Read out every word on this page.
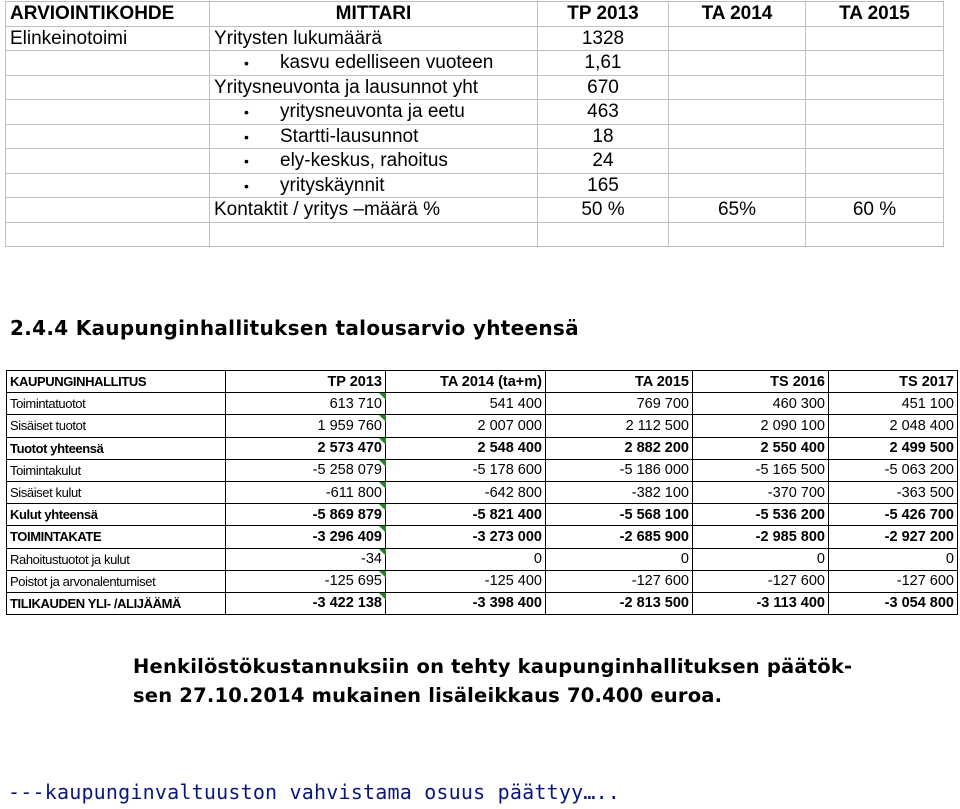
ARVIOINTIKOHDE	MITTARI	TP 2013	TA 2014	TA 2015
Elinkeinotoimi	Yritysten lukumäärä	1328		
	• kasvu edelliseen vuoteen	1,61		
	Yritysneuvonta ja lausunnot yht	670		
	• yritysneuvonta ja eetu	463		
	• Startti-lausunnot	18		
	• ely-keskus, rahoitus	24		
	• yrityskäynnit	165		
	Kontaktit / yritys –määrä %	50 %	65%	60 %

2.4.4 Kaupunginhallituksen talousarvio yhteensä
KAUPUNGINHALLITUS	TP 2013	TA 2014 (ta+m)	TA 2015	TS 2016	TS 2017
Toimintatuotot	613 710	541 400	769 700	460 300	451 100
Sisäiset tuotot	1 959 760	2 007 000	2 112 500	2 090 100	2 048 400
Tuotot yhteensä	2 573 470	2 548 400	2 882 200	2 550 400	2 499 500
Toimintakulut	-5 258 079	-5 178 600	-5 186 000	-5 165 500	-5 063 200
Sisäiset kulut	-611 800	-642 800	-382 100	-370 700	-363 500
Kulut yhteensä	-5 869 879	-5 821 400	-5 568 100	-5 536 200	-5 426 700
TOIMINTAKATE	-3 296 409	-3 273 000	-2 685 900	-2 985 800	-2 927 200
Rahoitustuotot ja kulut	-34	0	0	0	0
Poistot ja arvonalentumiset	-125 695	-125 400	-127 600	-127 600	-127 600
TILIKAUDEN YLI- /ALIJÄÄMÄ	-3 422 138	-3 398 400	-2 813 500	-3 113 400	-3 054 800

Henkilöstökustannuksiin on tehty kaupunginhallituksen päätök-
sen 27.10.2014 mukainen lisäleikkaus 70.400 euroa.

---kaupunginvaltuuston vahvistama osuus päättyy…..
